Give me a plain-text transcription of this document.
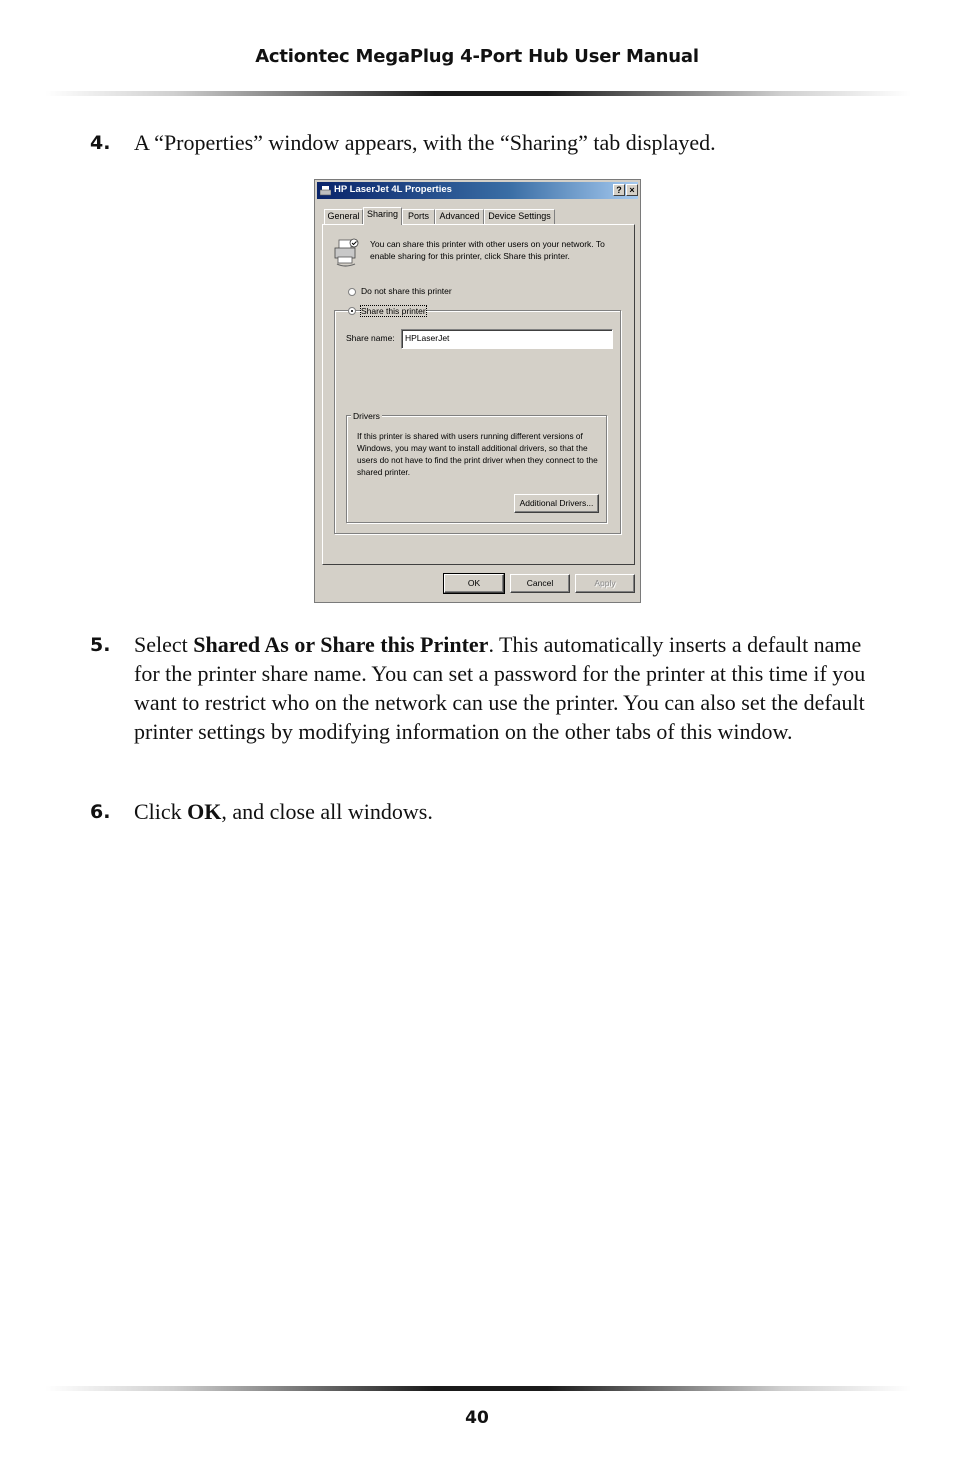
Actiontec MegaPlug 4-Port Hub User Manual
4. A “Properties” window appears, with the “Sharing” tab displayed.
HP LaserJet 4L Properties	? ×
General Sharing	Ports	Advanced Device Settings
You can share this printer with other users on your network. To enable sharing for this printer, click Share this printer.
Do not share this printer
Share this printer
Share name:	HPLaserJet
Drivers
If this printer is shared with users running different versions of Windows, you may want to install additional drivers, so that the users do not have to find the print driver when they connect to the shared printer.
Additional Drivers...
OK	Cancel	Apply
5. Select Shared As or Share this Printer. This automatically inserts a default name for the printer share name. You can set a password for the printer at this time if you want to restrict who on the network can use the printer. You can also set the default printer settings by modifying information on the other tabs of this window.
6. Click OK, and close all windows.
40
